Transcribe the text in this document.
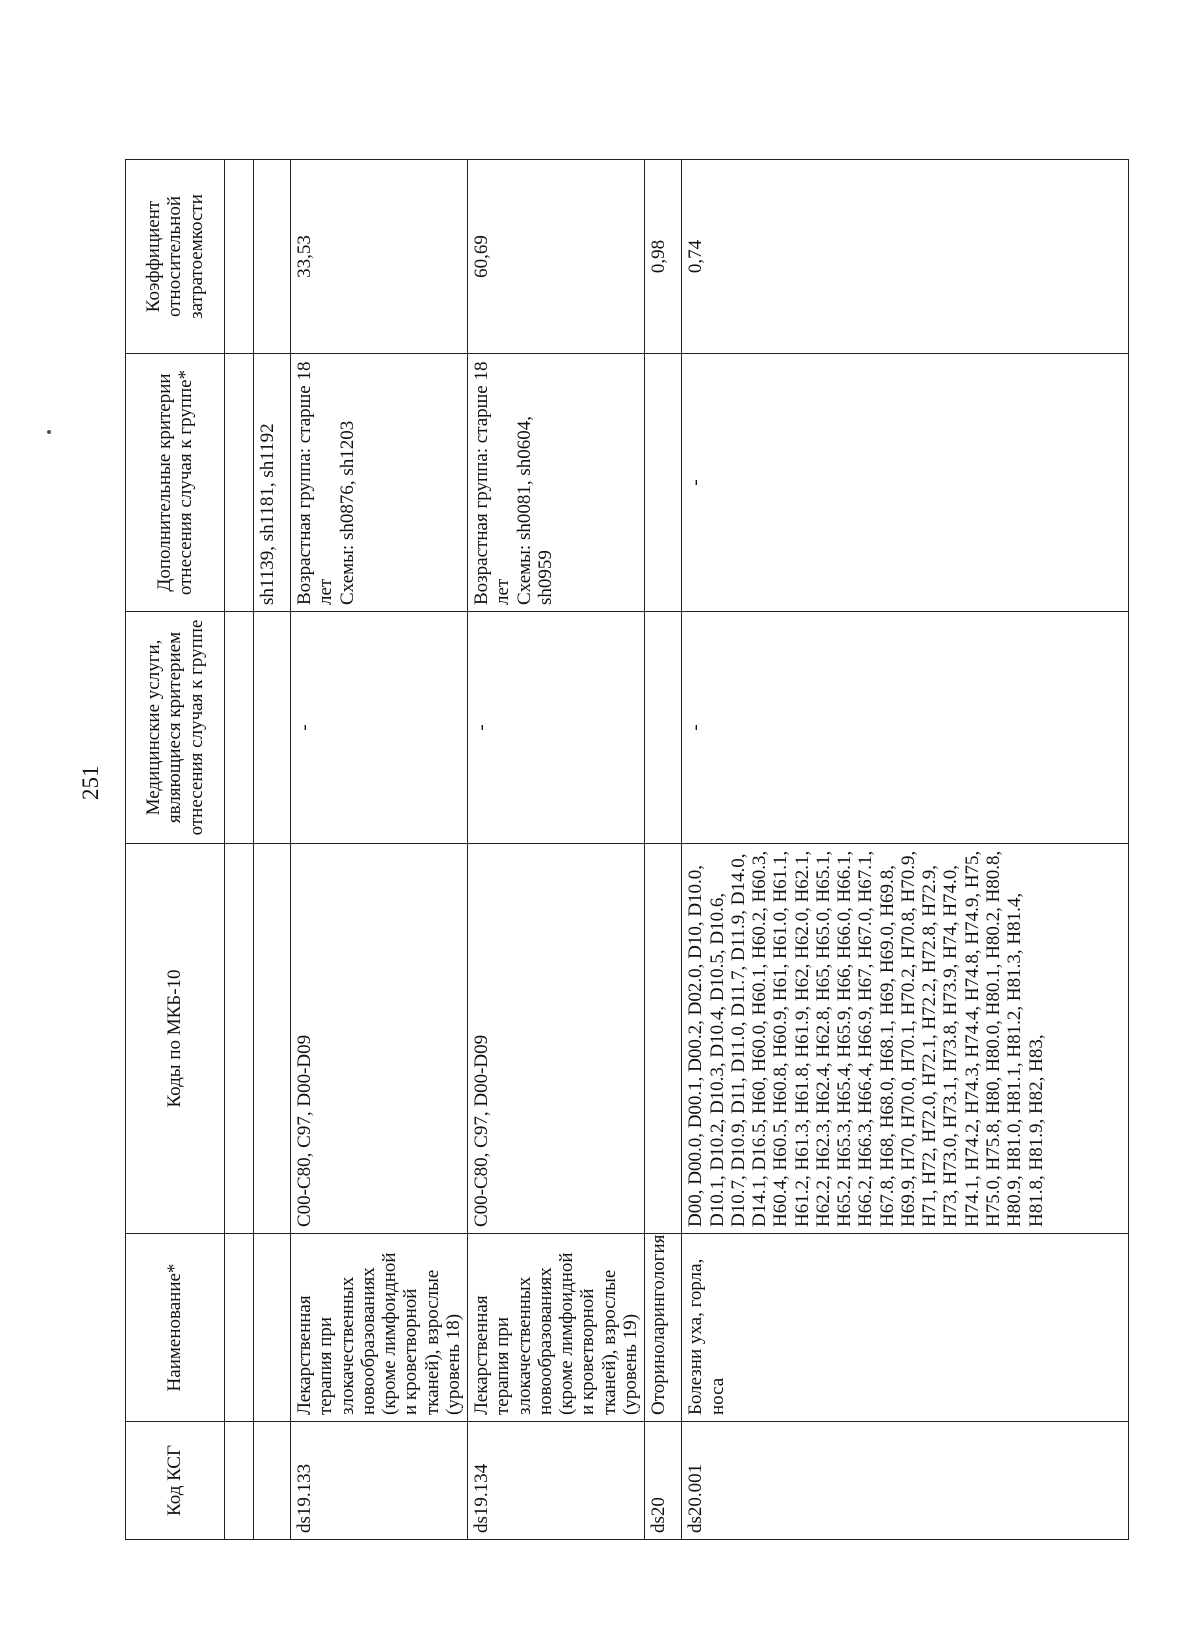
251
Код КСГ	Наименование*	Коды по МКБ-10	Медицинские услуги, являющиеся критерием отнесения случая к группе	Дополнительные критерии отнесения случая к группе*	Коэффициент относительной затратоемкости

				sh1139, sh1181, sh1192	
ds19.133	Лекарственная терапия при злокачественных новообразованиях (кроме лимфоидной и кроветворной тканей), взрослые (уровень 18)	C00-C80, C97, D00-D09	-	Возрастная группа: старше 18 лет
Схемы: sh0876, sh1203	33,53
ds19.134	Лекарственная терапия при злокачественных новообразованиях (кроме лимфоидной и кроветворной тканей), взрослые (уровень 19)	C00-C80, C97, D00-D09	-	Возрастная группа: старше 18 лет
Схемы: sh0081, sh0604, sh0959	60,69
ds20	Оториноларингология				0,98
ds20.001	Болезни уха, горла, носа	D00, D00.0, D00.1, D00.2, D02.0, D10, D10.0, D10.1, D10.2, D10.3, D10.4, D10.5, D10.6, D10.7, D10.9, D11, D11.0, D11.7, D11.9, D14.0, D14.1, D16.5, H60, H60.0, H60.1, H60.2, H60.3, H60.4, H60.5, H60.8, H60.9, H61, H61.0, H61.1, H61.2, H61.3, H61.8, H61.9, H62, H62.0, H62.1, H62.2, H62.3, H62.4, H62.8, H65, H65.0, H65.1, H65.2, H65.3, H65.4, H65.9, H66, H66.0, H66.1, H66.2, H66.3, H66.4, H66.9, H67, H67.0, H67.1, H67.8, H68, H68.0, H68.1, H69, H69.0, H69.8, H69.9, H70, H70.0, H70.1, H70.2, H70.8, H70.9, H71, H72, H72.0, H72.1, H72.2, H72.8, H72.9, H73, H73.0, H73.1, H73.8, H73.9, H74, H74.0, H74.1, H74.2, H74.3, H74.4, H74.8, H74.9, H75, H75.0, H75.8, H80, H80.0, H80.1, H80.2, H80.8, H80.9, H81.0, H81.1, H81.2, H81.3, H81.4, H81.8, H81.9, H82, H83,	-	-	0,74
